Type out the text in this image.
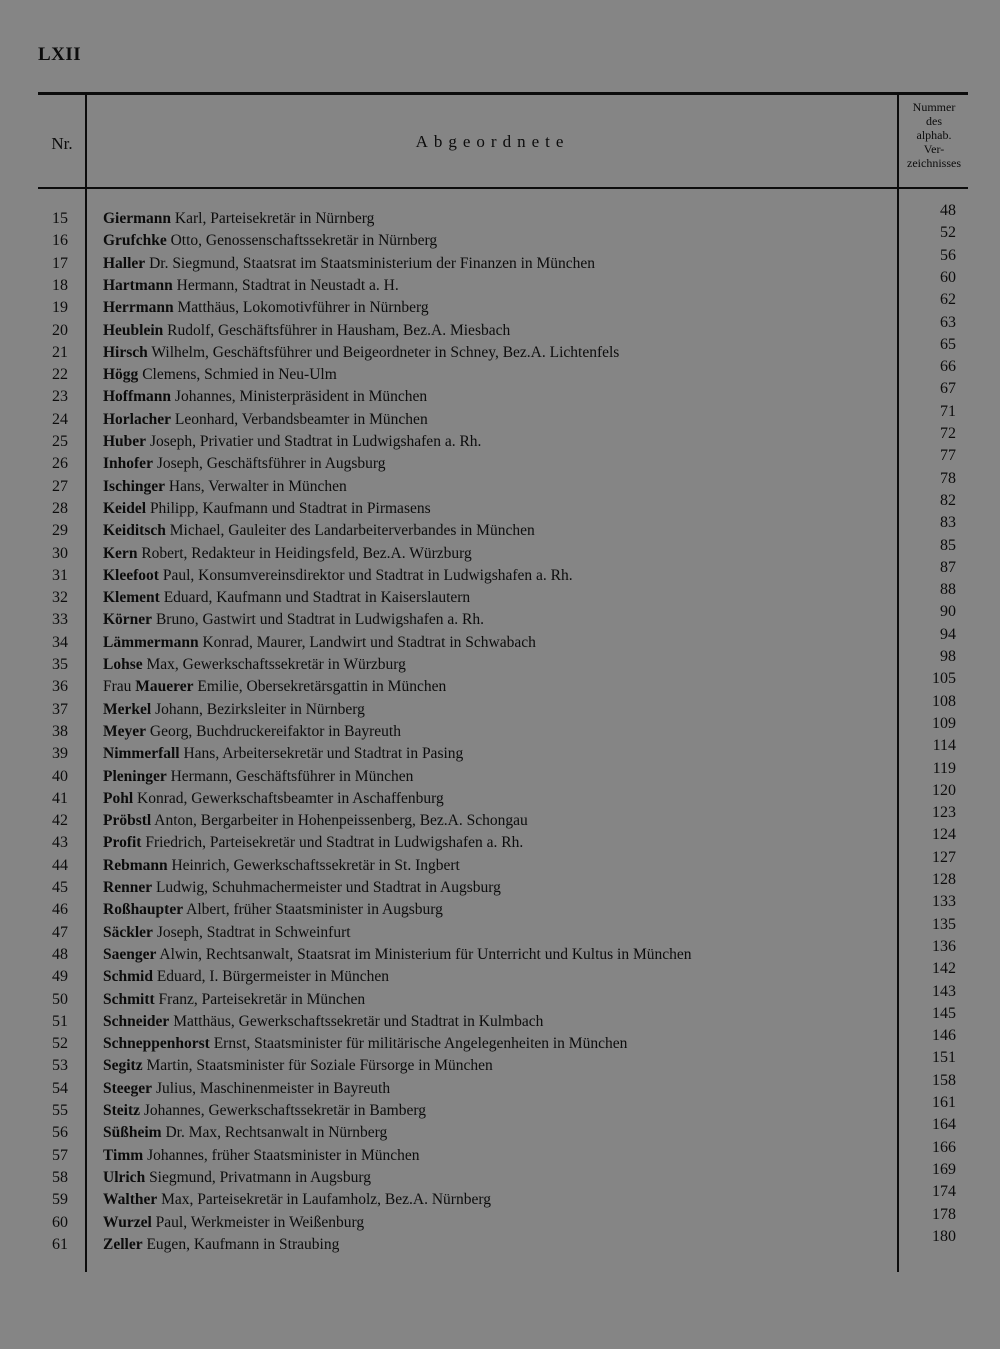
LXII
Nr.	Abgeordnete
Nummer
des
alphab.
Ver-
zeichnisses
15 Giermann Karl, Parteisekretär in Nürnberg	48
16 Grufchke Otto, Genossenschaftssekretär in Nürnberg	52
17 Haller Dr. Siegmund, Staatsrat im Staatsministerium der Finanzen in München	56
18 Hartmann Hermann, Stadtrat in Neustadt a. H.	60
19 Herrmann Matthäus, Lokomotivführer in Nürnberg	62
20 Heublein Rudolf, Geschäftsführer in Hausham, Bez.A. Miesbach	63
21 Hirsch Wilhelm, Geschäftsführer und Beigeordneter in Schney, Bez.A. Lichtenfels	65
22 Högg Clemens, Schmied in Neu-Ulm	66
23 Hoffmann Johannes, Ministerpräsident in München	67
24 Horlacher Leonhard, Verbandsbeamter in München	71
25 Huber Joseph, Privatier und Stadtrat in Ludwigshafen a. Rh.	72
26 Inhofer Joseph, Geschäftsführer in Augsburg	77
27 Ischinger Hans, Verwalter in München	78
28 Keidel Philipp, Kaufmann und Stadtrat in Pirmasens	82
29 Keiditsch Michael, Gauleiter des Landarbeiterverbandes in München	83
30 Kern Robert, Redakteur in Heidingsfeld, Bez.A. Würzburg	85
31 Kleefoot Paul, Konsumvereinsdirektor und Stadtrat in Ludwigshafen a. Rh.	87
32 Klement Eduard, Kaufmann und Stadtrat in Kaiserslautern	88
33 Körner Bruno, Gastwirt und Stadtrat in Ludwigshafen a. Rh.	90
34 Lämmermann Konrad, Maurer, Landwirt und Stadtrat in Schwabach	94
35 Lohse Max, Gewerkschaftssekretär in Würzburg	98
36 Frau Mauerer Emilie, Obersekretärsgattin in München	105
37 Merkel Johann, Bezirksleiter in Nürnberg	108
38 Meyer Georg, Buchdruckereifaktor in Bayreuth	109
39 Nimmerfall Hans, Arbeitersekretär und Stadtrat in Pasing	114
40 Pleninger Hermann, Geschäftsführer in München	119
41 Pohl Konrad, Gewerkschaftsbeamter in Aschaffenburg	120
42 Pröbstl Anton, Bergarbeiter in Hohenpeissenberg, Bez.A. Schongau	123
43 Profit Friedrich, Parteisekretär und Stadtrat in Ludwigshafen a. Rh.	124
44 Rebmann Heinrich, Gewerkschaftssekretär in St. Ingbert	127
45 Renner Ludwig, Schuhmachermeister und Stadtrat in Augsburg	128
46 Roßhaupter Albert, früher Staatsminister in Augsburg	133
47 Säckler Joseph, Stadtrat in Schweinfurt	135
48 Saenger Alwin, Rechtsanwalt, Staatsrat im Ministerium für Unterricht und Kultus in München	136
49 Schmid Eduard, I. Bürgermeister in München	142
50 Schmitt Franz, Parteisekretär in München	143
51 Schneider Matthäus, Gewerkschaftssekretär und Stadtrat in Kulmbach	145
52 Schneppenhorst Ernst, Staatsminister für militärische Angelegenheiten in München	146
53 Segitz Martin, Staatsminister für Soziale Fürsorge in München	151
54 Steeger Julius, Maschinenmeister in Bayreuth	158
55 Steitz Johannes, Gewerkschaftssekretär in Bamberg	161
56 Süßheim Dr. Max, Rechtsanwalt in Nürnberg	164
57 Timm Johannes, früher Staatsminister in München	166
58 Ulrich Siegmund, Privatmann in Augsburg	169
59 Walther Max, Parteisekretär in Laufamholz, Bez.A. Nürnberg	174
60 Wurzel Paul, Werkmeister in Weißenburg	178
61 Zeller Eugen, Kaufmann in Straubing	180
